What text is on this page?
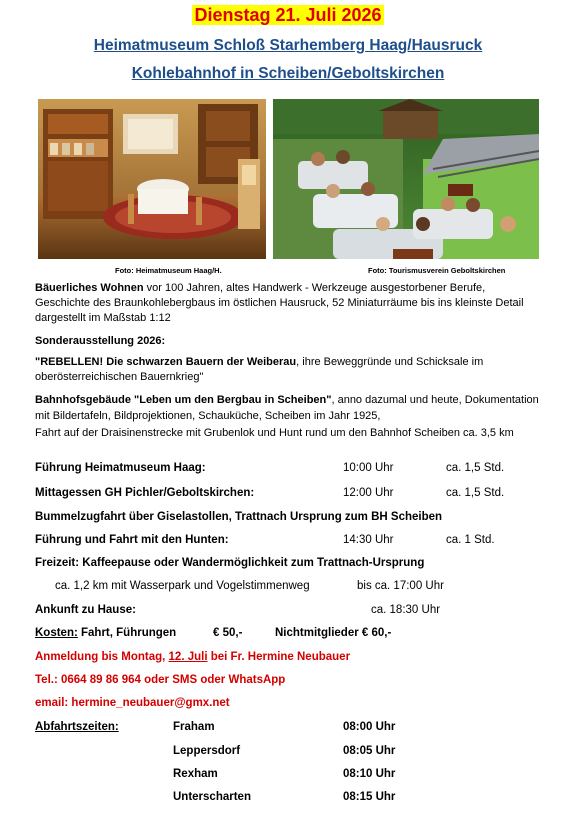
Dienstag 21. Juli 2026
Heimatmuseum Schloß Starhemberg Haag/Hausruck
Kohlebahnhof in Scheiben/Geboltskirchen
Foto: Heimatmuseum Haag/H.	Foto: Tourismusverein Geboltskirchen
Bäuerliches Wohnen vor 100 Jahren, altes Handwerk - Werkzeuge ausgestorbener Berufe,
Geschichte des Braunkohlebergbaus im östlichen Hausruck, 52 Miniaturräume bis ins kleinste Detail
dargestellt im Maßstab 1:12
Sonderausstellung 2026:
"REBELLEN! Die schwarzen Bauern der Weiberau, ihre Beweggründe und Schicksale im
oberösterreichischen Bauernkrieg"
Bahnhofsgebäude "Leben um den Bergbau in Scheiben", anno dazumal und heute, Dokumentation
mit Bildertafeln, Bildprojektionen, Schauküche, Scheiben im Jahr 1925,
Fahrt auf der Draisinenstrecke mit Grubenlok und Hunt rund um den Bahnhof Scheiben ca. 3,5 km
Führung Heimatmuseum Haag:	10:00 Uhr	ca. 1,5 Std.
Mittagessen GH Pichler/Geboltskirchen:	12:00 Uhr	ca. 1,5 Std.
Bummelzugfahrt über Giselastollen, Trattnach Ursprung zum BH Scheiben
Führung und Fahrt mit den Hunten:	14:30 Uhr	ca. 1 Std.
Freizeit: Kaffeepause oder Wandermöglichkeit zum Trattnach-Ursprung
ca. 1,2 km mit Wasserpark und Vogelstimmenweg	bis ca. 17:00 Uhr
Ankunft zu Hause:	ca. 18:30 Uhr
Kosten: Fahrt, Führungen	€ 50,-	Nichtmitglieder € 60,-
Anmeldung bis Montag, 12. Juli bei Fr. Hermine Neubauer
Tel.: 0664 89 86 964 oder SMS oder WhatsApp
email: hermine_neubauer@gmx.net
Abfahrtszeiten:	Fraham	08:00 Uhr
Leppersdorf	08:05 Uhr
Rexham	08:10 Uhr
Unterscharten	08:15 Uhr
